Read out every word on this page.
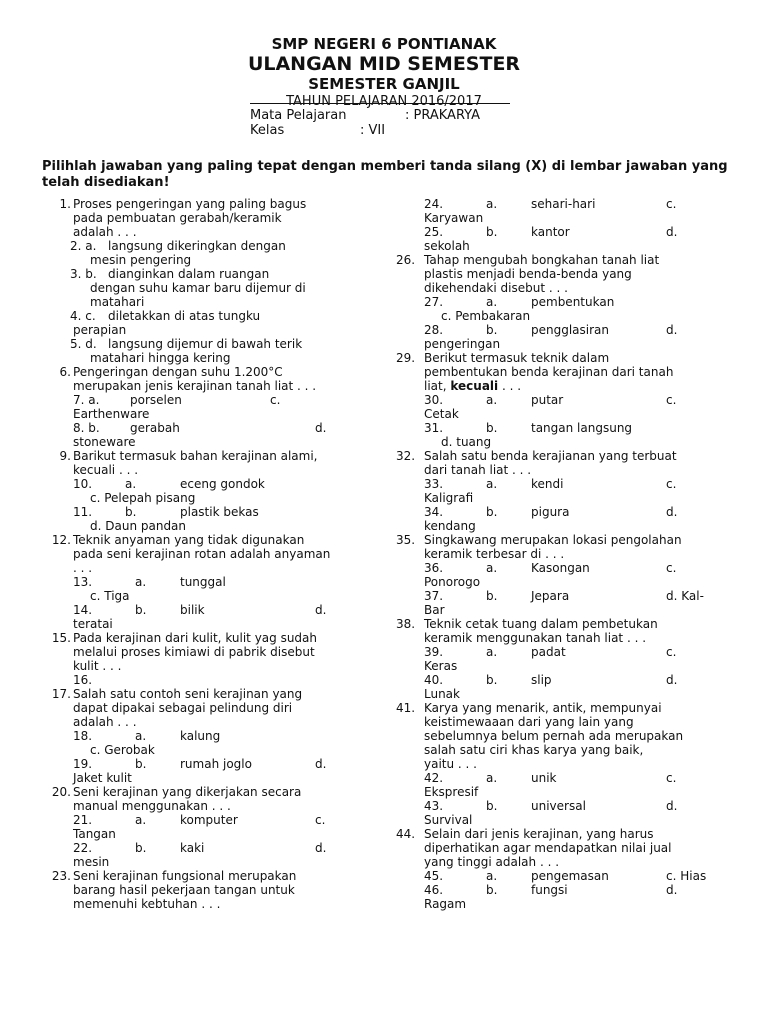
SMP NEGERI 6 PONTIANAK
ULANGAN MID SEMESTER
SEMESTER GANJIL
TAHUN PELAJARAN 2016/2017
Mata Pelajaran	: PRAKARYA
Kelas	: VII
Pilihlah jawaban yang paling tepat dengan memberi tanda silang (X) di lembar jawaban yang telah disediakan!
1. Proses pengeringan yang paling bagus
pada pembuatan gerabah/keramik
adalah . . .
2. a. langsung dikeringkan dengan
mesin pengering
3. b. dianginkan dalam ruangan
dengan suhu kamar baru dijemur di
matahari
4. c.	diletakkan di atas tungku
perapian
5. d. langsung dijemur di bawah terik
matahari hingga kering
6. Pengeringan dengan suhu 1.200°C
merupakan jenis kerajinan tanah liat . . .
7. a.	porselen	c.
Earthenware
8. b.	gerabah	d.
stoneware
9. Barikut termasuk bahan kerajinan alami,
kecuali . . .
10.	a.	eceng gondok
c. Pelepah pisang
11.	b.	plastik bekas
d. Daun pandan
12. Teknik anyaman yang tidak digunakan
pada seni kerajinan rotan adalah anyaman
. . .
13.	a.	tunggal
c. Tiga
14.	b.	bilik	d.
teratai
15. Pada kerajinan dari kulit, kulit yag sudah
melalui proses kimiawi di pabrik disebut
kulit . . .
16.
17. Salah satu contoh seni kerajinan yang
dapat dipakai sebagai pelindung diri
adalah . . .
18.	a.	kalung
c. Gerobak
19.	b.	rumah joglo	d.
Jaket kulit
20. Seni kerajinan yang dikerjakan secara
manual menggunakan . . .
21.	a.	komputer	c.
Tangan
22.	b.	kaki	d.
mesin
23. Seni kerajinan fungsional merupakan
barang hasil pekerjaan tangan untuk
memenuhi kebtuhan . . .
24.	a.	sehari-hari	c.
Karyawan
25.	b.	kantor	d.
sekolah
26. Tahap mengubah bongkahan tanah liat
plastis menjadi benda-benda yang
dikehendaki disebut . . .
27.	a.	pembentukan
c. Pembakaran
28.	b.	pengglasiran	d.
pengeringan
29. Berikut termasuk teknik dalam
pembentukan benda kerajinan dari tanah
liat, kecuali . . .
30.	a.	putar	c.
Cetak
31.	b.	tangan langsung
d. tuang
32. Salah satu benda kerajianan yang terbuat
dari tanah liat . . .
33.	a.	kendi	c.
Kaligrafi
34.	b.	pigura	d.
kendang
35. Singkawang merupakan lokasi pengolahan
keramik terbesar di . . .
36.	a.	Kasongan	c.
Ponorogo
37.	b.	Jepara	d. Kal-
Bar
38. Teknik cetak tuang dalam pembetukan
keramik menggunakan tanah liat . . .
39.	a.	padat	c.
Keras
40.	b.	slip	d.
Lunak
41. Karya yang menarik, antik, mempunyai
keistimewaaan dari yang lain yang
sebelumnya belum pernah ada merupakan
salah satu ciri khas karya yang baik,
yaitu . . .
42.	a.	unik	c.
Ekspresif
43.	b.	universal	d.
Survival
44. Selain dari jenis kerajinan, yang harus
diperhatikan agar mendapatkan nilai jual
yang tinggi adalah . . .
45.	a.	pengemasan	c. Hias
46.	b.	fungsi	d.
Ragam
